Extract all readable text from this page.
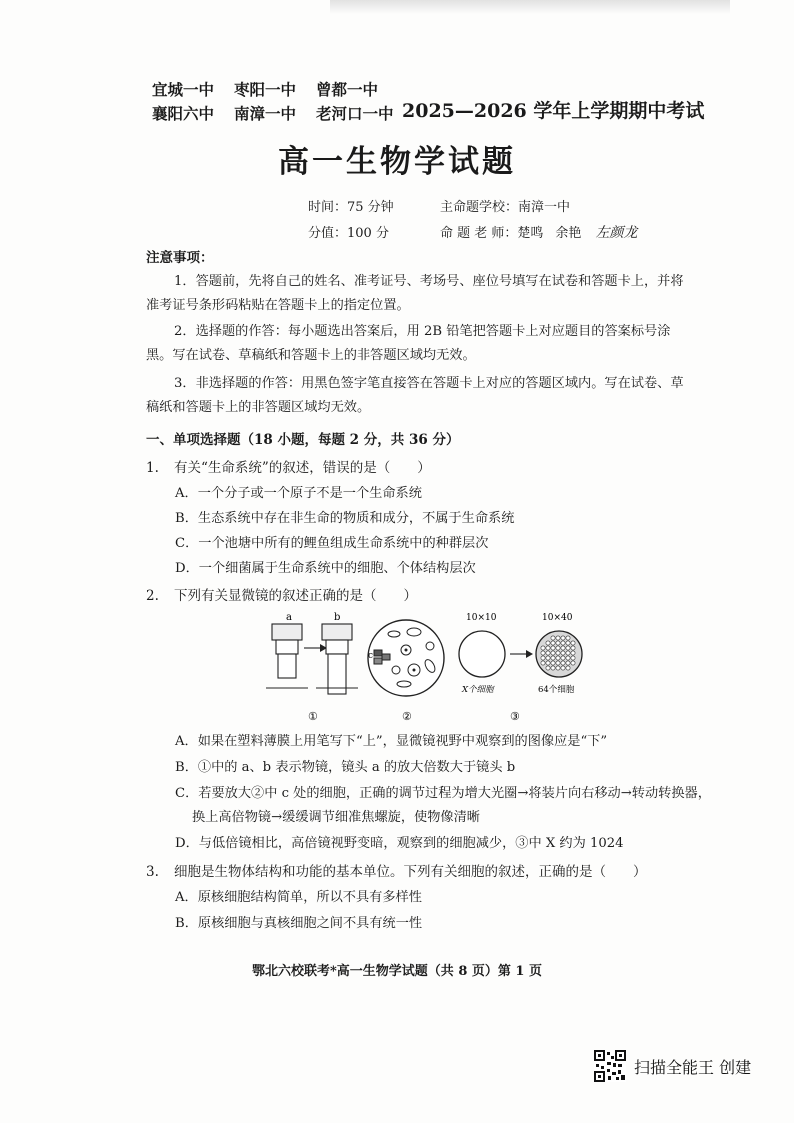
宜城一中 枣阳一中 曾都一中
襄阳六中 南漳一中 老河口一中 2025—2026 学年上学期期中考试
高一生物学试题
时间：75 分钟
分值：100 分
主命题学校：南漳一中
命 题 老 师：楚鸣 余艳 左颜龙
注意事项：
1．答题前，先将自己的姓名、准考证号、考场号、座位号填写在试卷和答题卡上，并将准考证号条形码粘贴在答题卡上的指定位置。
2．选择题的作答：每小题选出答案后，用 2B 铅笔把答题卡上对应题目的答案标号涂黑。写在试卷、草稿纸和答题卡上的非答题区域均无效。
3．非选择题的作答：用黑色签字笔直接答在答题卡上对应的答题区域内。写在试卷、草稿纸和答题卡上的非答题区域均无效。
一、单项选择题（18 小题，每题 2 分，共 36 分）
1. 有关“生命系统”的叙述，错误的是（　　）
A．一个分子或一个原子不是一个生命系统
B．生态系统中存在非生命的物质和成分，不属于生命系统
C．一个池塘中所有的鲤鱼组成生命系统中的种群层次
D．一个细菌属于生命系统中的细胞、个体结构层次
2. 下列有关显微镜的叙述正确的是（　　）
a	b
①
c
②
10×10
X个细胞
10×40
64个细胞
③
A．如果在塑料薄膜上用笔写下“上”，显微镜视野中观察到的图像应是“下”
B．①中的 a、b 表示物镜，镜头 a 的放大倍数大于镜头 b
C．若要放大②中 c 处的细胞，正确的调节过程为增大光圈→将装片向右移动→转动转换器，
换上高倍物镜→缓缓调节细准焦螺旋，使物像清晰
D．与低倍镜相比，高倍镜视野变暗，观察到的细胞减少，③中 X 约为 1024
3. 细胞是生物体结构和功能的基本单位。下列有关细胞的叙述，正确的是（　　）
A．原核细胞结构简单，所以不具有多样性
B．原核细胞与真核细胞之间不具有统一性
鄂北六校联考*高一生物学试题（共 8 页）第 1 页
扫描全能王 创建
